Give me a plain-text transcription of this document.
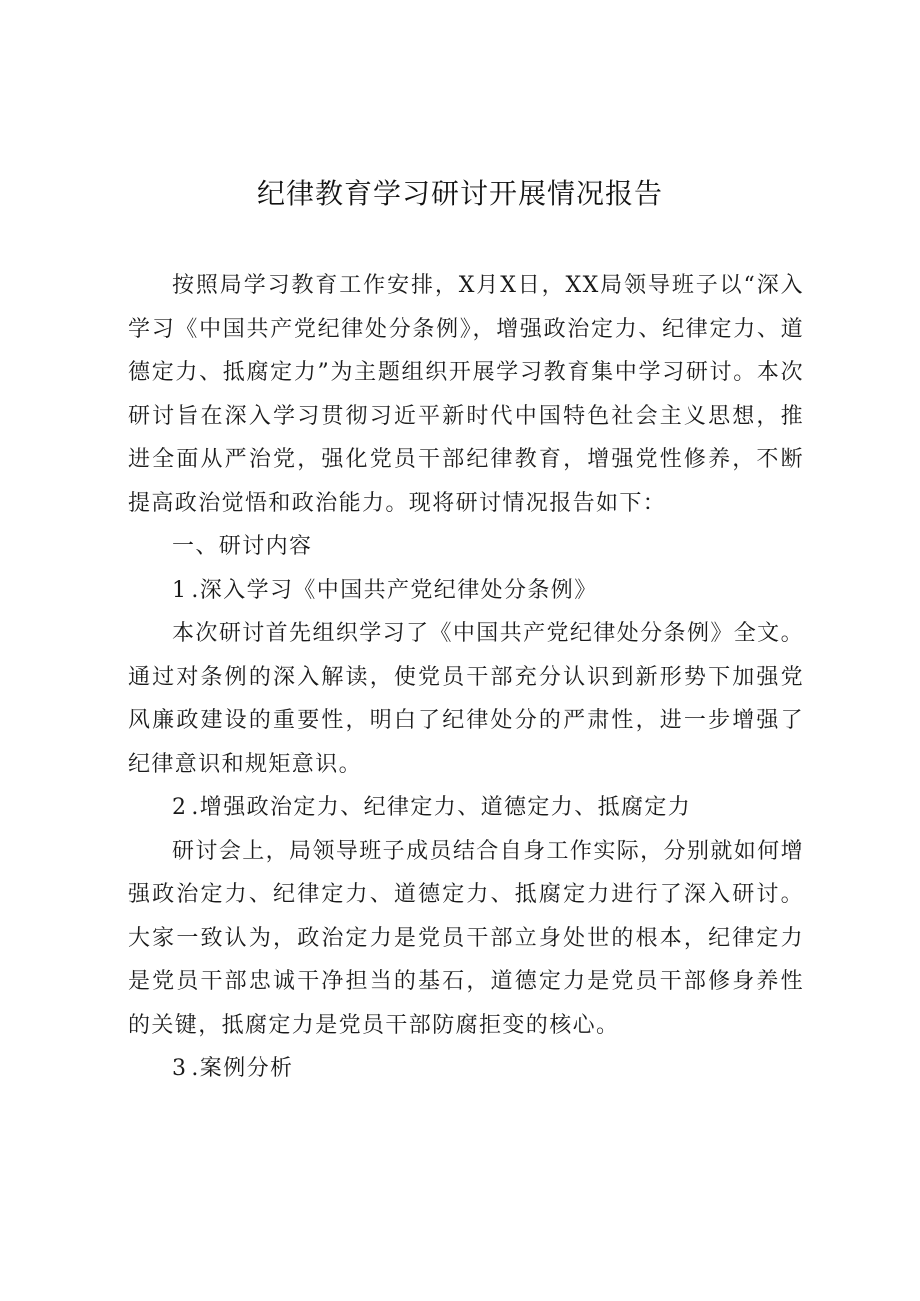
纪律教育学习研讨开展情况报告

按照局学习教育工作安排，X月X日，XX局领导班子以“深入学习《中国共产党纪律处分条例》，增强政治定力、纪律定力、道德定力、抵腐定力”为主题组织开展学习教育集中学习研讨。本次研讨旨在深入学习贯彻习近平新时代中国特色社会主义思想，推进全面从严治党，强化党员干部纪律教育，增强党性修养，不断提高政治觉悟和政治能力。现将研讨情况报告如下：

一、研讨内容

1 .深入学习《中国共产党纪律处分条例》

本次研讨首先组织学习了《中国共产党纪律处分条例》全文。通过对条例的深入解读，使党员干部充分认识到新形势下加强党风廉政建设的重要性，明白了纪律处分的严肃性，进一步增强了纪律意识和规矩意识。

2 .增强政治定力、纪律定力、道德定力、抵腐定力

研讨会上，局领导班子成员结合自身工作实际，分别就如何增强政治定力、纪律定力、道德定力、抵腐定力进行了深入研讨。大家一致认为，政治定力是党员干部立身处世的根本，纪律定力是党员干部忠诚干净担当的基石，道德定力是党员干部修身养性的关键，抵腐定力是党员干部防腐拒变的核心。

3 .案例分析
